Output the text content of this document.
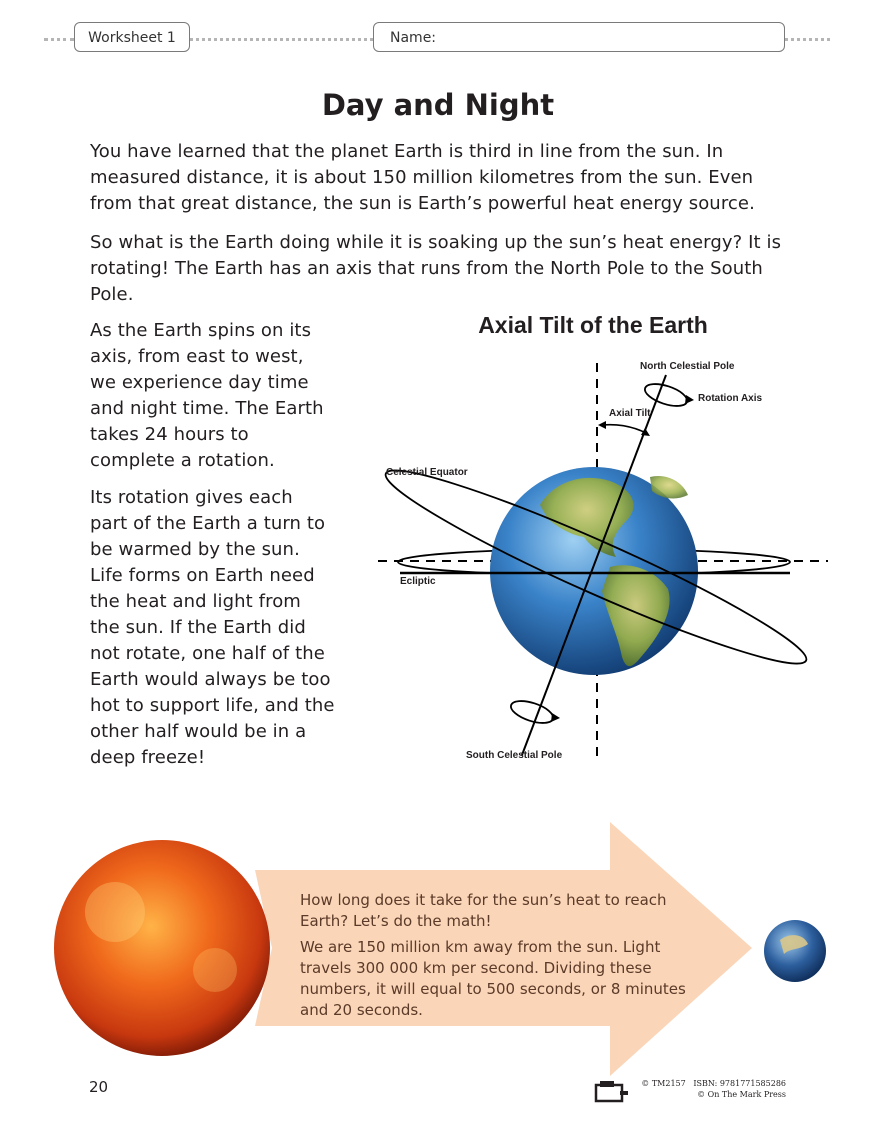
Worksheet 1	Name:
Day and Night

You have learned that the planet Earth is third in line from the sun. In measured distance, it is about 150 million kilometres from the sun. Even from that great distance, the sun is Earth’s powerful heat energy source.

So what is the Earth doing while it is soaking up the sun’s heat energy? It is rotating! The Earth has an axis that runs from the North Pole to the South Pole.

As the Earth spins on its axis, from east to west, we experience day time and night time. The Earth takes 24 hours to complete a rotation.

Its rotation gives each part of the Earth a turn to be warmed by the sun. Life forms on Earth need the heat and light from the sun. If the Earth did not rotate, one half of the Earth would always be too hot to support life, and the other half would be in a deep freeze!

Axial Tilt of the Earth
North Celestial Pole
Rotation Axis
Axial Tilt
Celestial Equator
Ecliptic
South Celestial Pole

How long does it take for the sun’s heat to reach Earth? Let’s do the math!

We are 150 million km away from the sun. Light travels 300 000 km per second. Dividing these numbers, it will equal to 500 seconds, or 8 minutes and 20 seconds.

20	© TM2157 ISBN: 9781771585286
© On The Mark Press
